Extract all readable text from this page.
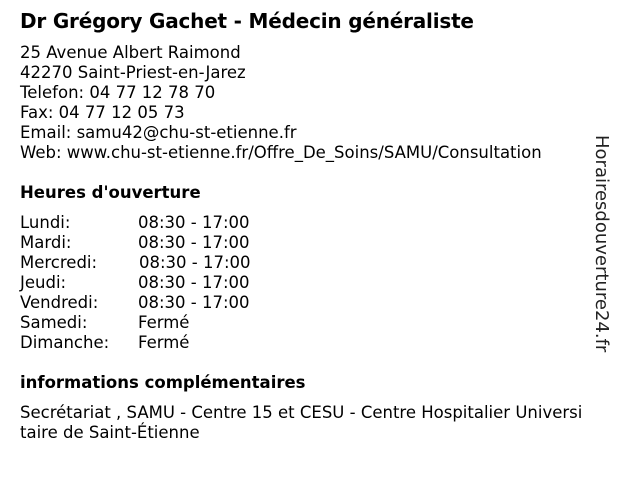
Dr Grégory Gachet - Médecin généraliste
25 Avenue Albert Raimond
42270 Saint-Priest-en-Jarez
Telefon: 04 77 12 78 70
Fax: 04 77 12 05 73
Email: samu42@chu-st-etienne.fr
Web: www.chu-st-etienne.fr/Offre_De_Soins/SAMU/Consultation
Heures d'ouverture
Lundi:	08:30 - 17:00
Mardi:	08:30 - 17:00
Mercredi:	08:30 - 17:00
Jeudi:	08:30 - 17:00
Vendredi: 08:30 - 17:00
Samedi:	Fermé
Dimanche: Fermé
informations complémentaires
Secrétariat , SAMU - Centre 15 et CESU - Centre Hospitalier Universi
taire de Saint-Étienne
Horairesdouverture24.fr
